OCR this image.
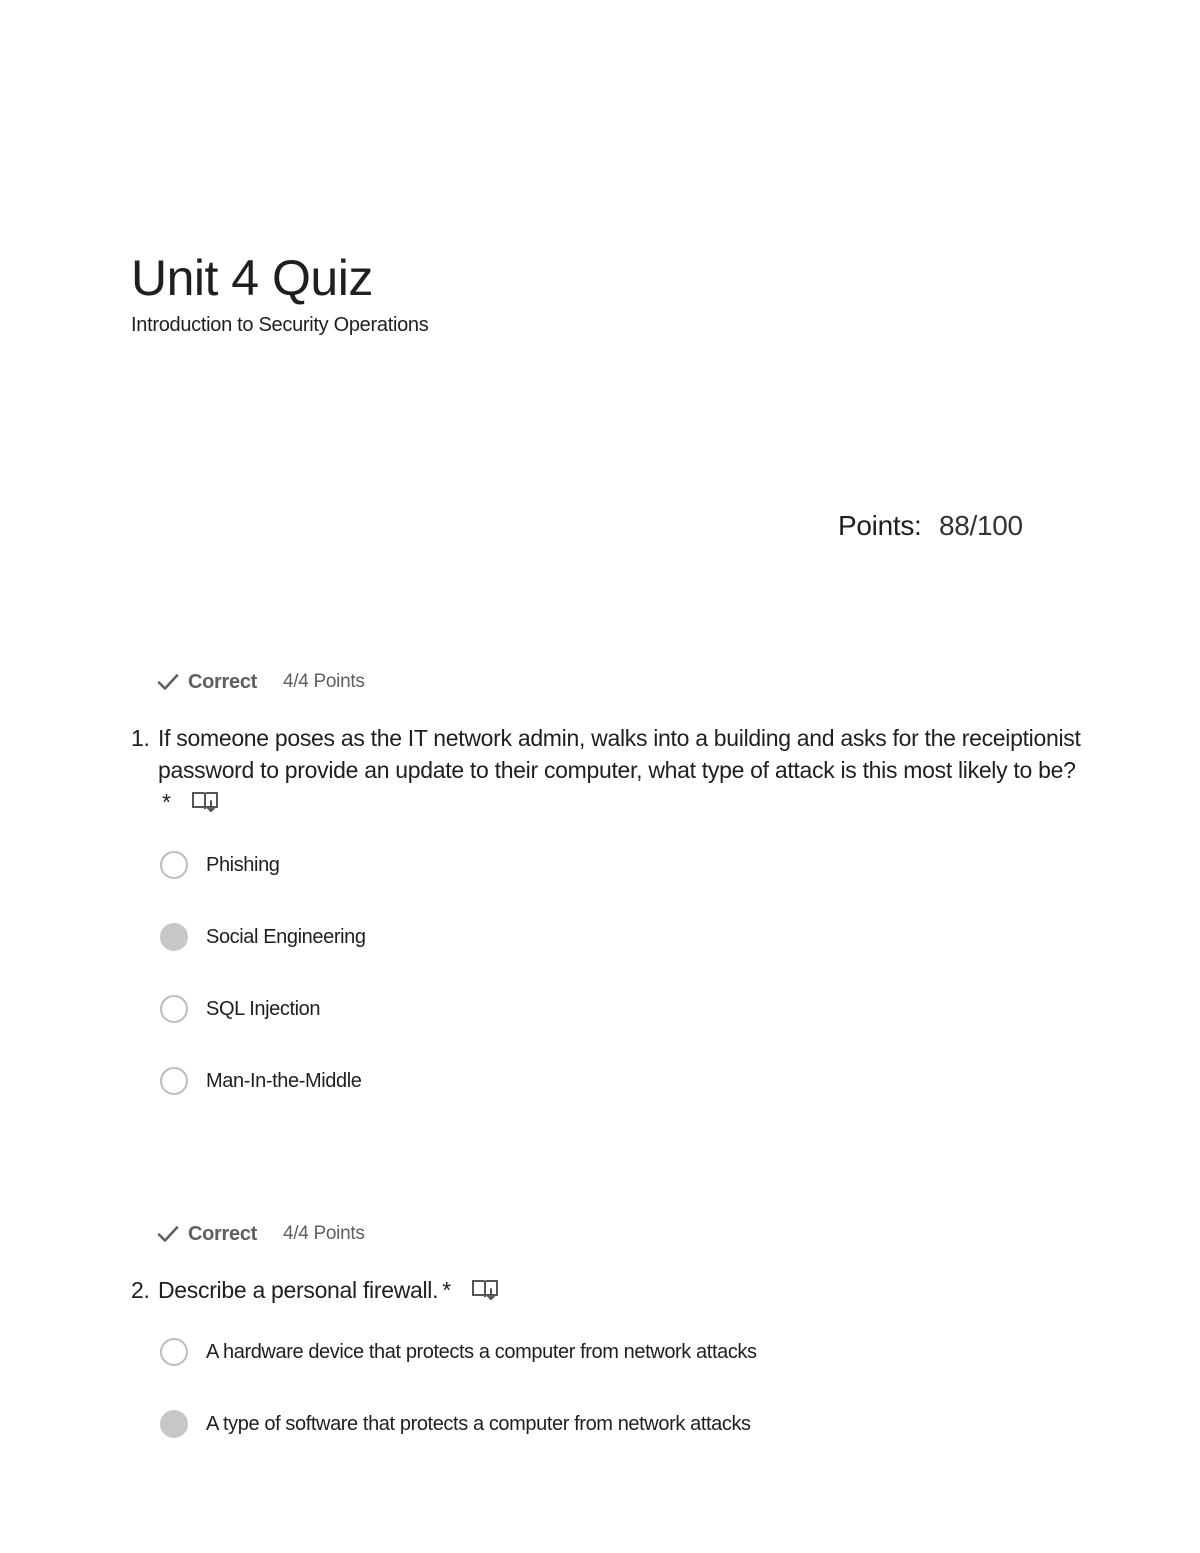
Unit 4 Quiz
Introduction to Security Operations
Points: 88/100
Correct 4/4 Points
1. If someone poses as the IT network admin, walks into a building and asks for the receiptionist password to provide an update to their computer, what type of attack is this most likely to be?*
Phishing
Social Engineering
SQL Injection
Man-In-the-Middle
Correct 4/4 Points
2. Describe a personal firewall. *
A hardware device that protects a computer from network attacks
A type of software that protects a computer from network attacks
